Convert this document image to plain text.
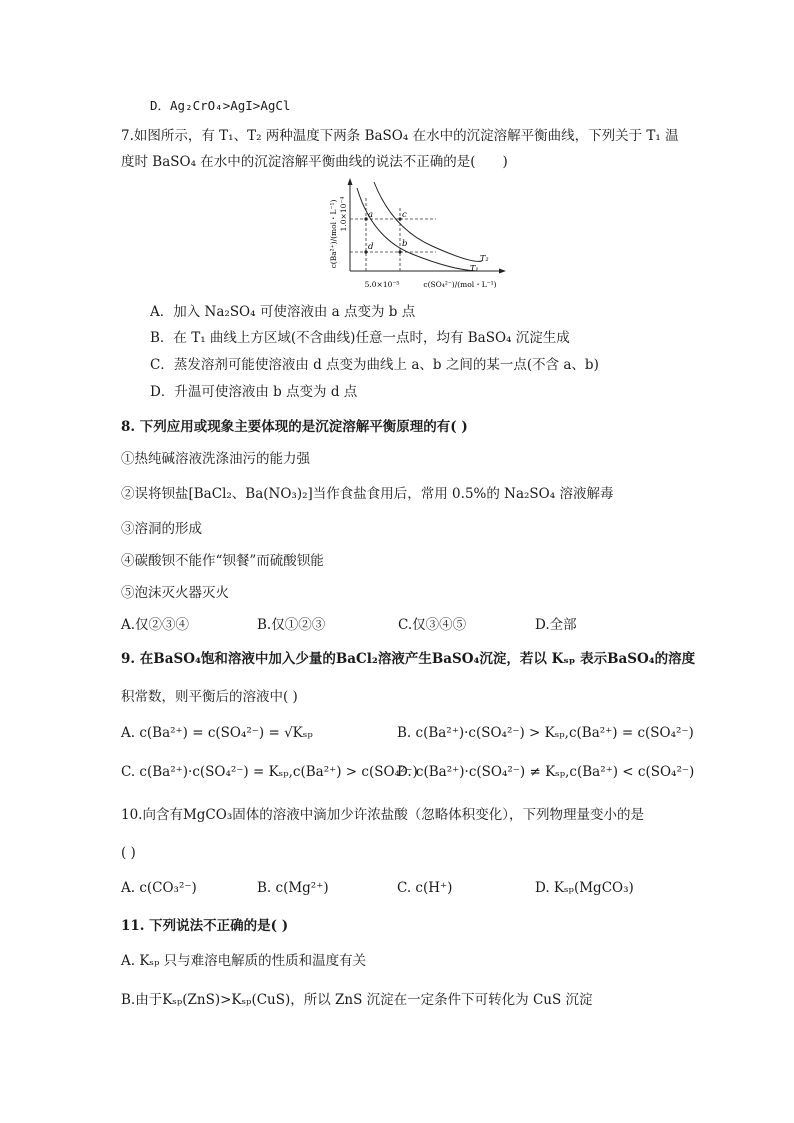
D．Ag₂CrO₄>AgI>AgCl
7.如图所示，有 T₁、T₂ 两种温度下两条 BaSO₄ 在水中的沉淀溶解平衡曲线，下列关于 T₁ 温
度时 BaSO₄ 在水中的沉淀溶解平衡曲线的说法不正确的是(　　)
a
b
c
d
T₂
T₁
c(Ba²⁺)/(mol・L⁻¹) 1.0×10⁻⁴
5.0×10⁻⁵	c(SO₄²⁻)/(mol・L⁻¹)
A．加入 Na₂SO₄ 可使溶液由 a 点变为 b 点
B．在 T₁ 曲线上方区域(不含曲线)任意一点时，均有 BaSO₄ 沉淀生成
C．蒸发溶剂可能使溶液由 d 点变为曲线上 a、b 之间的某一点(不含 a、b)
D．升温可使溶液由 b 点变为 d 点
8. 下列应用或现象主要体现的是沉淀溶解平衡原理的有( )
①热纯碱溶液洗涤油污的能力强
②误将钡盐[BaCl₂、Ba(NO₃)₂]当作食盐食用后，常用 0.5%的 Na₂SO₄ 溶液解毒
③溶洞的形成
④碳酸钡不能作“钡餐”而硫酸钡能
⑤泡沫灭火器灭火
A.仅②③④	B.仅①②③	C.仅③④⑤	D.全部
9. 在BaSO₄饱和溶液中加入少量的BaCl₂溶液产生BaSO₄沉淀，若以 Kₛₚ 表示BaSO₄的溶度
积常数，则平衡后的溶液中( )
A. c(Ba²⁺) = c(SO₄²⁻) = √Kₛₚ	B. c(Ba²⁺)·c(SO₄²⁻) > Kₛₚ,c(Ba²⁺) = c(SO₄²⁻)
C. c(Ba²⁺)·c(SO₄²⁻) = Kₛₚ,c(Ba²⁺) > c(SO₄²⁻)
D. c(Ba²⁺)·c(SO₄²⁻) ≠ Kₛₚ,c(Ba²⁺) < c(SO₄²⁻)
10.向含有MgCO₃固体的溶液中滴加少许浓盐酸（忽略体积变化），下列物理量变小的是
( )
A. c(CO₃²⁻)	B. c(Mg²⁺)	C. c(H⁺)	D. Kₛₚ(MgCO₃)
11. 下列说法不正确的是( )
A. Kₛₚ 只与难溶电解质的性质和温度有关
B.由于Kₛₚ(ZnS)>Kₛₚ(CuS)，所以 ZnS 沉淀在一定条件下可转化为 CuS 沉淀
